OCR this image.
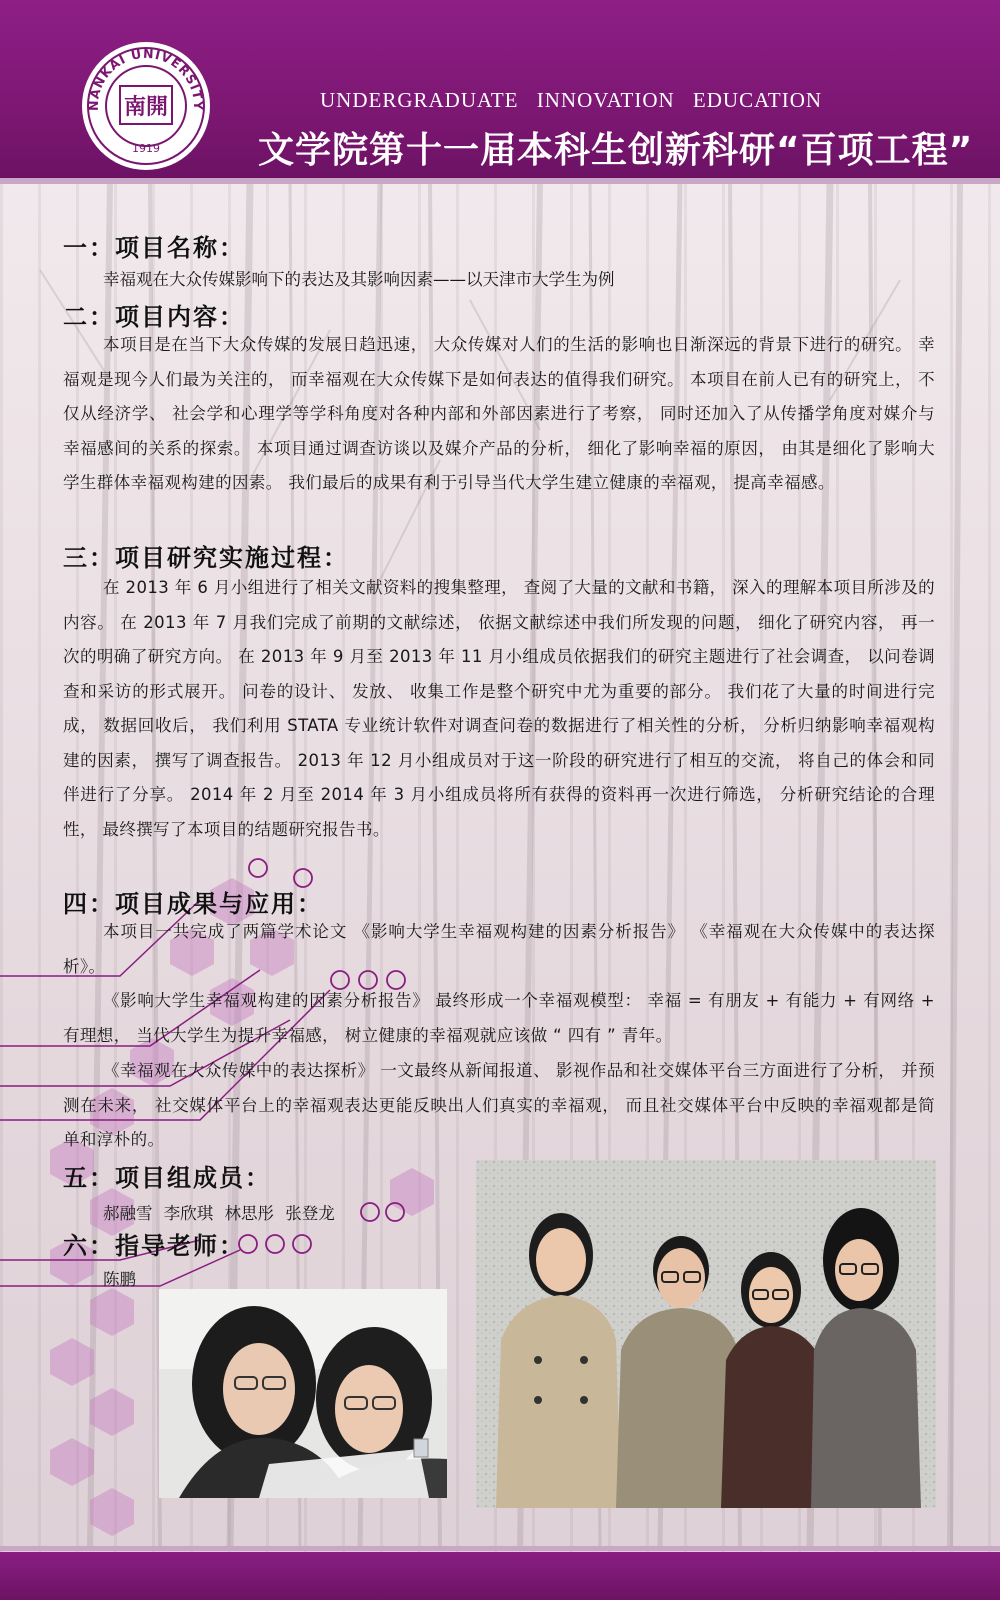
NANKAI UNIVERSITY
1919
南開	UNDERGRADUATE INNOVATION EDUCATION
文学院第十一届本科生创新科研“百项工程”
一：项目名称：
幸福观在大众传媒影响下的表达及其影响因素——以天津市大学生为例
二：项目内容：
本项目是在当下大众传媒的发展日趋迅速， 大众传媒对人们的生活的影响也日渐深远的背景下进行的研究。 幸福观是现今人们最为关注的， 而幸福观在大众传媒下是如何表达的值得我们研究。 本项目在前人已有的研究上， 不仅从经济学、 社会学和心理学等学科角度对各种内部和外部因素进行了考察， 同时还加入了从传播学角度对媒介与幸福感间的关系的探索。 本项目通过调查访谈以及媒介产品的分析， 细化了影响幸福的原因， 由其是细化了影响大学生群体幸福观构建的因素。 我们最后的成果有利于引导当代大学生建立健康的幸福观， 提高幸福感。
三：项目研究实施过程：
在 2013 年 6 月小组进行了相关文献资料的搜集整理， 查阅了大量的文献和书籍， 深入的理解本项目所涉及的内容。 在 2013 年 7 月我们完成了前期的文献综述， 依据文献综述中我们所发现的问题， 细化了研究内容， 再一次的明确了研究方向。 在 2013 年 9 月至 2013 年 11 月小组成员依据我们的研究主题进行了社会调查， 以问卷调查和采访的形式展开。 问卷的设计、 发放、 收集工作是整个研究中尤为重要的部分。 我们花了大量的时间进行完成， 数据回收后， 我们利用 STATA 专业统计软件对调查问卷的数据进行了相关性的分析， 分析归纳影响幸福观构建的因素， 撰写了调查报告。 2013 年 12 月小组成员对于这一阶段的研究进行了相互的交流， 将自己的体会和同伴进行了分享。 2014 年 2 月至 2014 年 3 月小组成员将所有获得的资料再一次进行筛选， 分析研究结论的合理性， 最终撰写了本项目的结题研究报告书。
四：项目成果与应用：
本项目一共完成了两篇学术论文 《影响大学生幸福观构建的因素分析报告》 《幸福观在大众传媒中的表达探析》。
《影响大学生幸福观构建的因素分析报告》 最终形成一个幸福观模型： 幸福 = 有朋友 + 有能力 + 有网络 + 有理想， 当代大学生为提升幸福感， 树立健康的幸福观就应该做 “ 四有 ” 青年。
《幸福观在大众传媒中的表达探析》 一文最终从新闻报道、 影视作品和社交媒体平台三方面进行了分析， 并预测在未来， 社交媒体平台上的幸福观表达更能反映出人们真实的幸福观， 而且社交媒体平台中反映的幸福观都是简单和淳朴的。
五：项目组成员：
郝融雪 李欣琪 林思彤 张登龙
六：指导老师：
陈鹏
